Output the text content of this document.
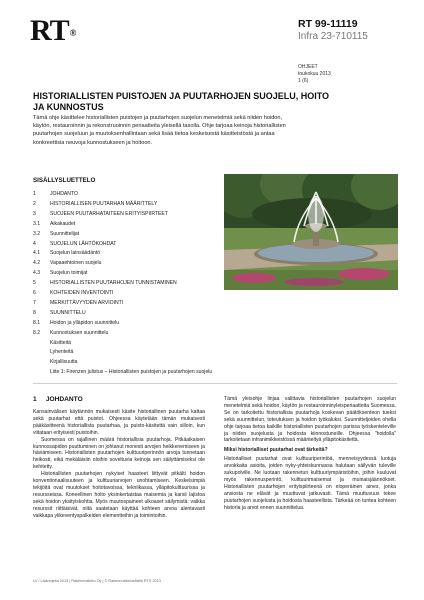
RT®
RT 99-11119
Infra 23-710115
OHJEET
toukokuu 2013
1 (6)
HISTORIALLISTEN PUISTOJEN JA PUUTARHOJEN SUOJELU, HOITO JA KUNNOSTUS
Tämä ohje käsittelee historiallisten puistojen ja puutarhojen suojelun menetelmiä sekä niiden hoidon, käytön, restauroinnin ja rekonstruoinnin periaatteita yleisellä tasolla. Ohje tarjoaa keinoja historiallisten puutarhojen suojeluun ja muutoksenhallintaan sekä lisää tietoa keskeisestä käsitteistöstä ja antaa konkreettisia neuvoja kunnostukseen ja hoitoon.
SISÄLLYSLUETTELO
1	JOHDANTO
2	HISTORIALLISEN PUUTARHAN MÄÄRITTELY
3	SUOJEEN PUUTARHATAITEEN ERITYISPIIRTEET
3.1 Aikakaudet
3.2 Suunnittelijat
4	SUOJELUN LÄHTÖKOHDAT
4.1 Suojelun lainsäädäntö
4.2 Vapaaehtoinen suojelu
4.3 Suojelun toimijat
5	HISTORIALLISTEN PUUTARHOJEN TUNNISTAMINEN
6	KOHTEIDEN INVENTOINTI
7	MERKITTÄVYYDEN ARVIOINTI
8	SUUNNITTELU
8.1 Hoidon ja ylläpidon suunnittelu
8.2 Kunnostuksen suunnittelu
Käsitteitä
Lyhenteitä
Kirjallisuutta
Liite 1: Firenzen julistus – Historiallisten puistojen ja puutarhojen suojelu
1     JOHDANTO

Kansainvälisen käytännön mukaisesti käsite historiallinen puutarha kattaa sekä puutarhat että puistot. Ohjeessa käytetään tämän mukaisesti pääkäsitteenä historiallista puutarhaa, ja puisto-käsitettä vain silloin, kun viitataan erityisesti puistoihin.

Suomessa on rajallinen määrä historiallisia puutarhoja. Pitkäaikaisen kunnossapidon puuttuminen on johtanut monesti arvojen heikkenemiseen ja häviämiseen. Historiallisten puutarhojen kulttuuriperinnön arvoja tunnetaan heikosti, eikä mekäläisiin oloihin soveltuvia keinoja sen säilyttämiseksi ole kehitetty.

Historiallisten puutarhojen nykyiset haasteet liittyvät pitkälti hoidon konventionaalisuuteen ja kulttuuriarvojen unohtamiseen. Keskeisimpiä tekijöitä ovat muutokset hoitotavoissa, tekniikassa, ylläpitokulttuurissa ja resursseissa. Koneellinen hoito yksinkertaistaa maisemia ja karsii lajistoa sekä hoidon yksityiskohtia. Myös muutospaineet ulkoaset säilymistä: vaikka resurssit riittäisivät, niitä saatetaan käyttää kohteen arvoa alentavasti vaikkapa ylikeventyspalkeiden elementteihin ja toimintoihin.

Tämä yleisohje linjaa valittavia historiallisten puutarhojen suojelun menetelmiä sekä hoidon, käytön ja restauroinninyleisperiaatteita Suomessa. Se on tarkoitettu historiallisia puutarhoja koskevan päätöksenteon tueksi sekä suunnittelun, toteutuksen ja hoidon työkaluksi. Suunnitteljoiden ohella ohje tarjoaa tietoa kaikille historiallisten puutarhojen parissa työskenteleville ja niiden suojelusta ja hoidosta kiinnostuneille. Ohjeessa "hoidolla" tarkoitetaan infranimikkeistössä määriteltyä ylläpitokäsitettä.

Miksi historialliset puutarhat ovat tärkeitä?

Historialliset puutarhat ovat kulttuuriperintöä, menneisyydessä luotuja arvokkaita asioita, joiden nyky-yhteiskunnassa halutaan säilyvän tuleville sukupolville. Ne luotaan rakennetun kulttuuriympäristöihin, joihin kuuluvat myös rakennusperintö, kulttuurimaisemat ja muinaisjäännökset. Historiallisten puutarhojen erityispiirteenä on eloperäinen aines, jonka ansiosta ne elävät ja muuttuvat jatkuvasti. Tämä muuttuvuus tekee puutarhojen suojelusta ja hoidosta haasteellista. Tärkeää on tuntea kohteen historia ja arvot ennen suunnittelua.

LV / Lisäohjeita 2013 | Rakennustieto Oy | © Rakennustietosäätiö RTS 2013
